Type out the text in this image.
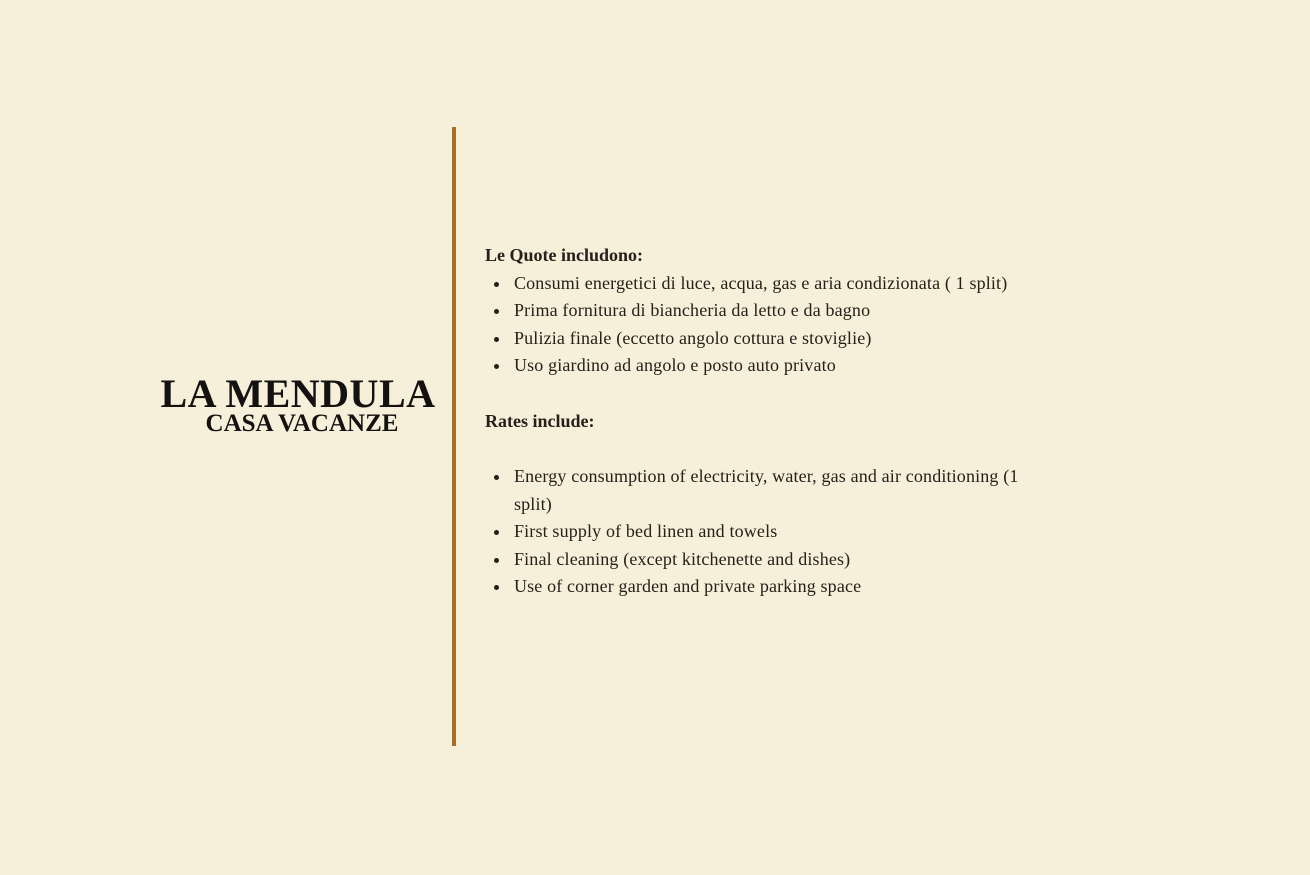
LA MENDULA
CASA VACANZE
Le Quote includono:
Consumi energetici di luce, acqua, gas e aria condizionata ( 1 split)
Prima fornitura di biancheria da letto e da bagno
Pulizia finale (eccetto angolo cottura e stoviglie)
Uso giardino ad angolo e posto auto privato
Rates include:
Energy consumption of electricity, water, gas and air conditioning (1 split)
First supply of bed linen and towels
Final cleaning (except kitchenette and dishes)
Use of corner garden and private parking space
